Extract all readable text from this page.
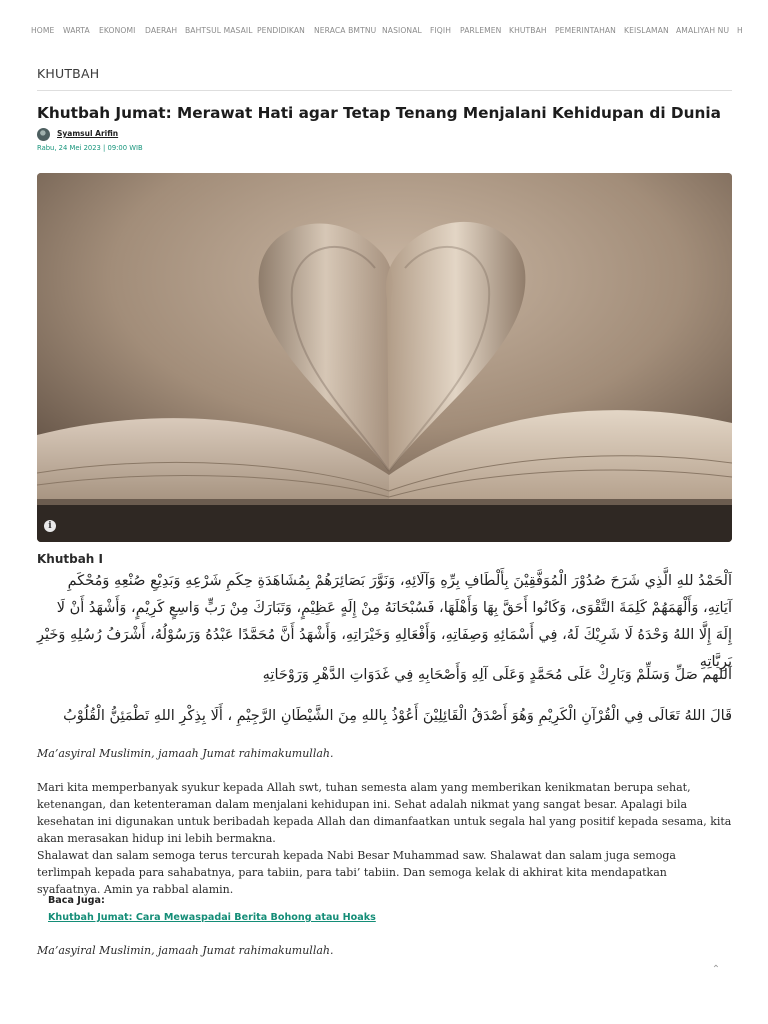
HOME WARTA EKONOMI DAERAH BAHTSUL MASAIL PENDIDIKAN NERACA BMTNU NASIONAL FIQIH PARLEMEN KHUTBAH PEMERINTAHAN KEISLAMAN AMALIYAH NU H
KHUTBAH
Khutbah Jumat: Merawat Hati agar Tetap Tenang Menjalani Kehidupan di Dunia
Syamsul Arifin
Rabu, 24 Mei 2023 | 09:00 WIB
i
Khutbah I

اَلْحَمْدُ للهِ الَّذِي شَرَحَ صُدُوْرَ الْمُوَفَّقِيْنَ بِأَلْطَافِ بِرِّهِ وَآلَائِهِ، وَنَوَّرَ بَصَائِرَهُمْ بِمُشَاهَدَةِ حِكَمِ شَرْعِهِ وَبَدِيْعِ صُنْعِهِ وَمُحْكَمِ آيَاتِهِ، وَأَلْهَمَهُمْ كَلِمَةَ التَّقْوَى، وَكَانُوا أَحَقَّ بِهَا وَأَهْلَهَا، فَسُبْحَانَهُ مِنْ إِلَهٍ عَظِيْمٍ، وَتَبَارَكَ مِنْ رَبٍّ وَاسِعٍ كَرِيْمٍ، وَأَشْهَدُ أَنْ لَا إِلَهَ إِلَّا اللهُ وَحْدَهُ لَا شَرِيْكَ لَهُ، فِي أَسْمَائِهِ وَصِفَاتِهِ، وَأَفْعَالِهِ وَخَيْرَاتِهِ، وَأَشْهَدُ أَنَّ مُحَمَّدًا عَبْدُهُ وَرَسُوْلُهُ، أَشْرَفُ رُسُلِهِ وَخَيْرِ بَرِيَّاتِهِ

اَللهم صَلِّ وَسَلِّمْ وَبَارِكْ عَلَى مُحَمَّدٍ وَعَلَى آلِهِ وَأَصْحَابِهِ فِي غَدَوَاتِ الدَّهْرِ وَرَوْحَاتِهِ

قَالَ اللهُ تَعَالَى فِي الْقُرْآنِ الْكَرِيْمِ وَهُوَ أَصْدَقُ الْقَائِلِيْنَ أَعُوْذُ بِاللهِ مِنَ الشَّيْطَانِ الرَّجِيْمِ ، أَلَا بِذِكْرِ اللهِ تَطْمَئِنُّ الْقُلُوْبُ

Ma’asyiral Muslimin, jamaah Jumat rahimakumullah.

Mari kita memperbanyak syukur kepada Allah swt, tuhan semesta alam yang memberikan kenikmatan berupa sehat, ketenangan, dan ketenteraman dalam menjalani kehidupan ini. Sehat adalah nikmat yang sangat besar. Apalagi bila kesehatan ini digunakan untuk beribadah kepada Allah dan dimanfaatkan untuk segala hal yang positif kepada sesama, kita akan merasakan hidup ini lebih bermakna.

Shalawat dan salam semoga terus tercurah kepada Nabi Besar Muhammad saw. Shalawat dan salam juga semoga terlimpah kepada para sahabatnya, para tabiin, para tabi’ tabiin. Dan semoga kelak di akhirat kita mendapatkan syafaatnya. Amin ya rabbal alamin.

Baca Juga:
Khutbah Jumat: Cara Mewaspadai Berita Bohong atau Hoaks

Ma’asyiral Muslimin, jamaah Jumat rahimakumullah.

⌃
